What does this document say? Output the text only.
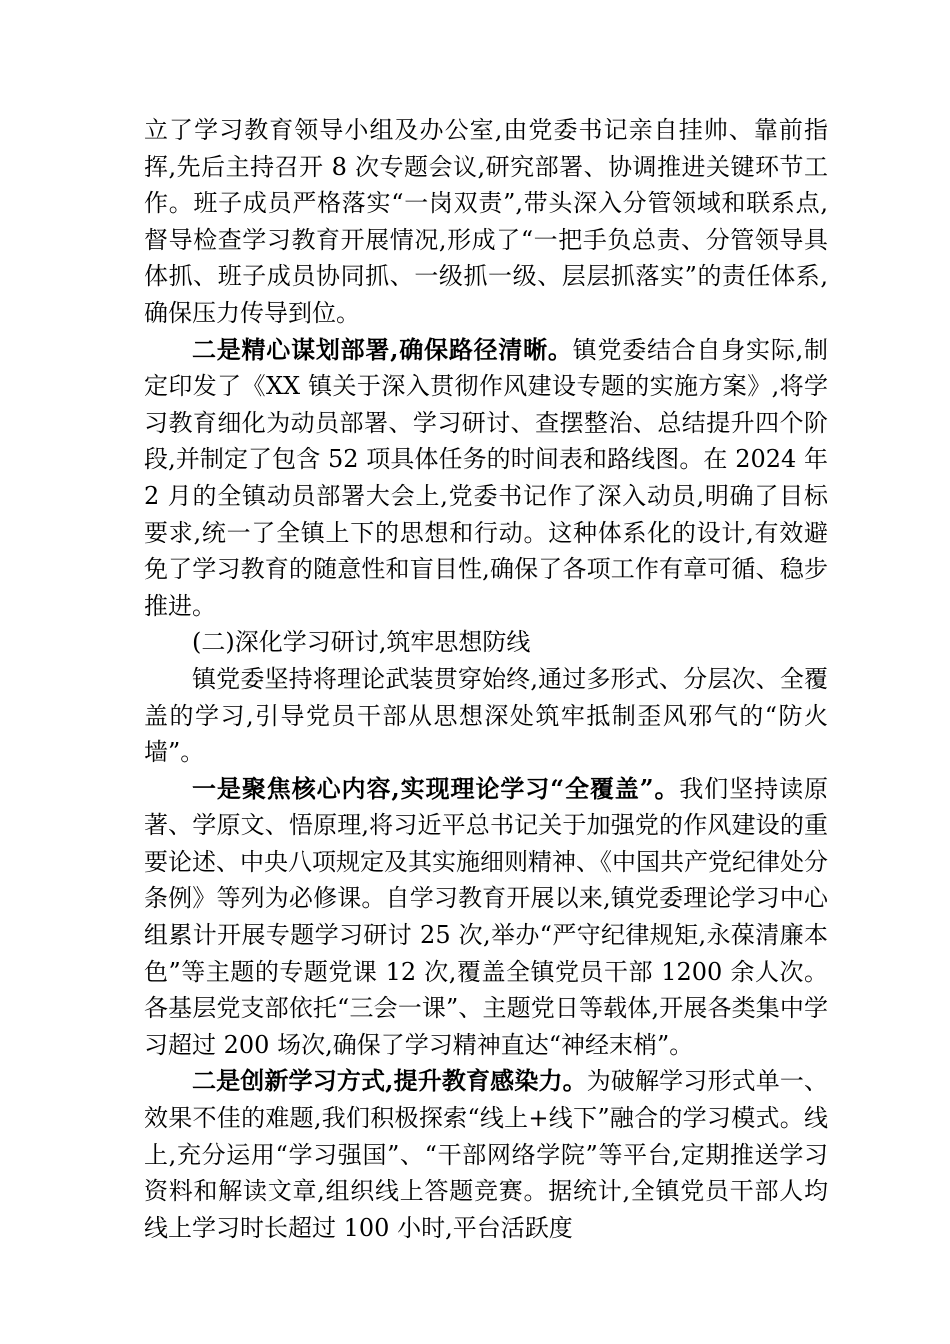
立了学习教育领导小组及办公室,由党委书记亲自挂帅、靠前指挥,先后主持召开 8 次专题会议,研究部署、协调推进关键环节工作。班子成员严格落实“一岗双责”,带头深入分管领域和联系点,督导检查学习教育开展情况,形成了“一把手负总责、分管领导具体抓、班子成员协同抓、一级抓一级、层层抓落实”的责任体系,确保压力传导到位。

二是精心谋划部署,确保路径清晰。镇党委结合自身实际,制定印发了《XX 镇关于深入贯彻作风建设专题的实施方案》,将学习教育细化为动员部署、学习研讨、查摆整治、总结提升四个阶段,并制定了包含 52 项具体任务的时间表和路线图。在 2024 年 2 月的全镇动员部署大会上,党委书记作了深入动员,明确了目标要求,统一了全镇上下的思想和行动。这种体系化的设计,有效避免了学习教育的随意性和盲目性,确保了各项工作有章可循、稳步推进。

(二)深化学习研讨,筑牢思想防线

镇党委坚持将理论武装贯穿始终,通过多形式、分层次、全覆盖的学习,引导党员干部从思想深处筑牢抵制歪风邪气的“防火墙”。

一是聚焦核心内容,实现理论学习“全覆盖”。我们坚持读原著、学原文、悟原理,将习近平总书记关于加强党的作风建设的重要论述、中央八项规定及其实施细则精神、《中国共产党纪律处分条例》等列为必修课。自学习教育开展以来,镇党委理论学习中心组累计开展专题学习研讨 25 次,举办“严守纪律规矩,永葆清廉本色”等主题的专题党课 12 次,覆盖全镇党员干部 1200 余人次。各基层党支部依托“三会一课”、主题党日等载体,开展各类集中学习超过 200 场次,确保了学习精神直达“神经末梢”。

二是创新学习方式,提升教育感染力。为破解学习形式单一、效果不佳的难题,我们积极探索“线上+线下”融合的学习模式。线上,充分运用“学习强国”、“干部网络学院”等平台,定期推送学习资料和解读文章,组织线上答题竞赛。据统计,全镇党员干部人均线上学习时长超过 100 小时,平台活跃度
